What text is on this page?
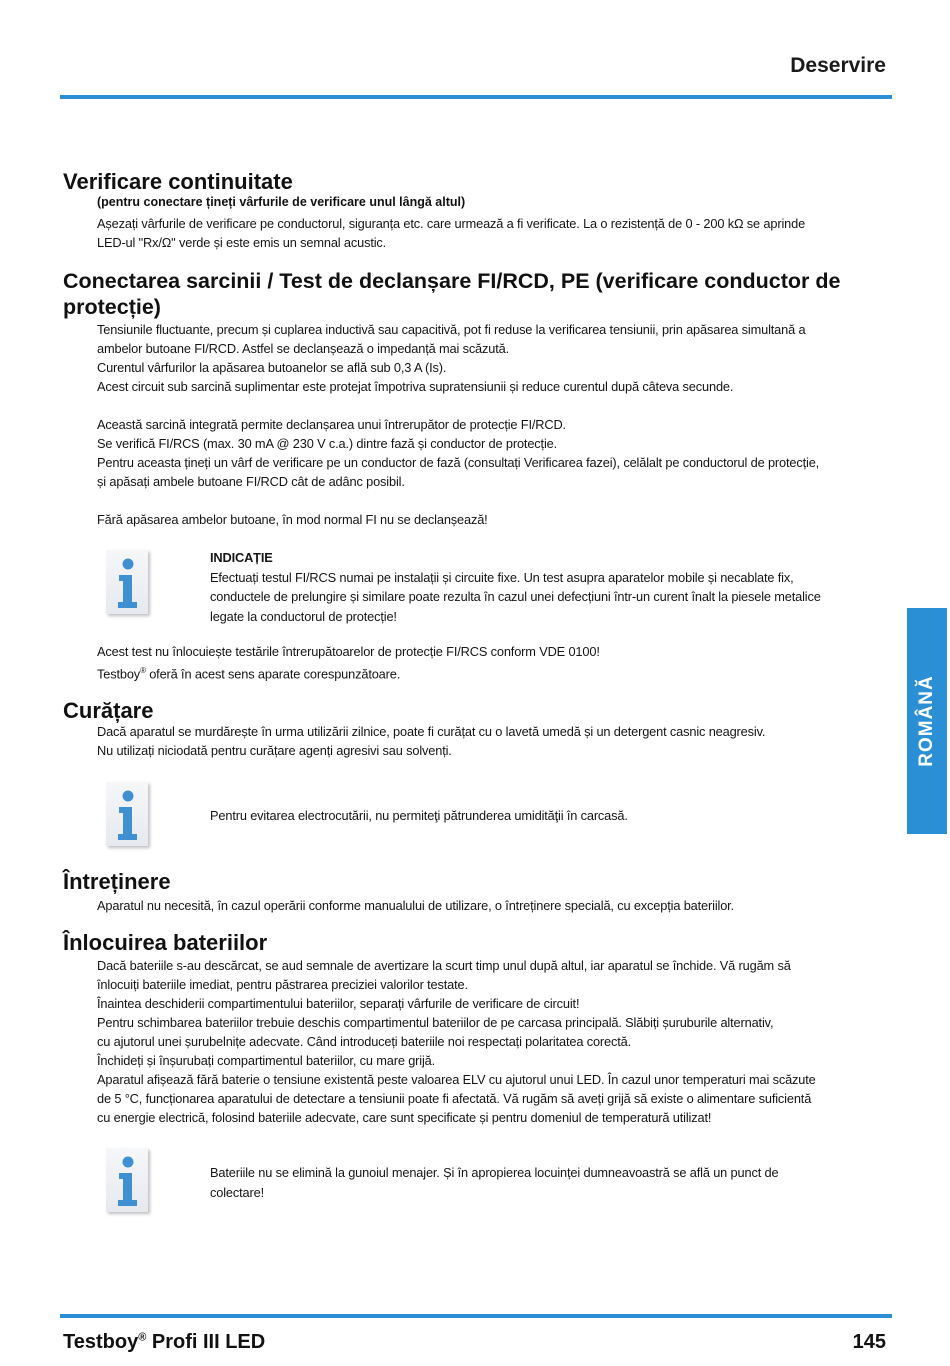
Deservire
ROMÂNĂ
Verificare continuitate
(pentru conectare țineți vârfurile de verificare unul lângă altul)

Așezați vârfurile de verificare pe conductorul, siguranța etc. care urmează a fi verificate. La o rezistență de 0 - 200 kΩ se aprinde

LED-ul "Rx/Ω" verde și este emis un semnal acustic.

Conectarea sarcinii / Test de declanșare FI/RCD, PE (verificare conductor de protecție)

Tensiunile fluctuante, precum și cuplarea inductivă sau capacitivă, pot fi reduse la verificarea tensiunii, prin apăsarea simultană a

ambelor butoane FI/RCD. Astfel se declanșează o impedanță mai scăzută.

Curentul vârfurilor la apăsarea butoanelor se află sub 0,3 A (Is).

Acest circuit sub sarcină suplimentar este protejat împotriva supratensiunii și reduce curentul după câteva secunde.

Această sarcină integrată permite declanșarea unui întrerupător de protecție FI/RCD.

Se verifică FI/RCS (max. 30 mA @ 230 V c.a.) dintre fază și conductor de protecție.

Pentru aceasta țineți un vârf de verificare pe un conductor de fază (consultați Verificarea fazei), celălalt pe conductorul de protecție,

și apăsați ambele butoane FI/RCD cât de adânc posibil.

Fără apăsarea ambelor butoane, în mod normal FI nu se declanșează!

INDICAȚIE

Efectuați testul FI/RCS numai pe instalații și circuite fixe. Un test asupra aparatelor mobile și necablate fix,

conductele de prelungire și similare poate rezulta în cazul unei defecțiuni într-un curent înalt la piesele metalice

legate la conductorul de protecție!

Acest test nu înlocuiește testările întrerupătoarelor de protecție FI/RCS conform VDE 0100!

Testboy® oferă în acest sens aparate corespunzătoare.

Curățare

Dacă aparatul se murdărește în urma utilizării zilnice, poate fi curățat cu o lavetă umedă și un detergent casnic neagresiv.

Nu utilizați niciodată pentru curățare agenți agresivi sau solvenți.

Pentru evitarea electrocutării, nu permiteţi pătrunderea umidităţii în carcasă.
Întreținere

Aparatul nu necesită, în cazul operării conforme manualului de utilizare, o întreținere specială, cu excepția bateriilor.

Înlocuirea bateriilor

Dacă bateriile s-au descărcat, se aud semnale de avertizare la scurt timp unul după altul, iar aparatul se închide. Vă rugăm să

înlocuiți bateriile imediat, pentru păstrarea preciziei valorilor testate.

Înaintea deschiderii compartimentului bateriilor, separați vârfurile de verificare de circuit!

Pentru schimbarea bateriilor trebuie deschis compartimentul bateriilor de pe carcasa principală. Slăbiți șuruburile alternativ,

cu ajutorul unei șurubelnițe adecvate. Când introduceți bateriile noi respectați polaritatea corectă.

Închideți și înșurubați compartimentul bateriilor, cu mare grijă.

Aparatul afișează fără baterie o tensiune existentă peste valoarea ELV cu ajutorul unui LED. În cazul unor temperaturi mai scăzute

de 5 °C, funcționarea aparatului de detectare a tensiunii poate fi afectată. Vă rugăm să aveți grijă să existe o alimentare suficientă

cu energie electrică, folosind bateriile adecvate, care sunt specificate și pentru domeniul de temperatură utilizat!

Bateriile nu se elimină la gunoiul menajer. Și în apropierea locuinței dumneavoastră se află un punct de

colectare!

Testboy® Profi III LED	145
